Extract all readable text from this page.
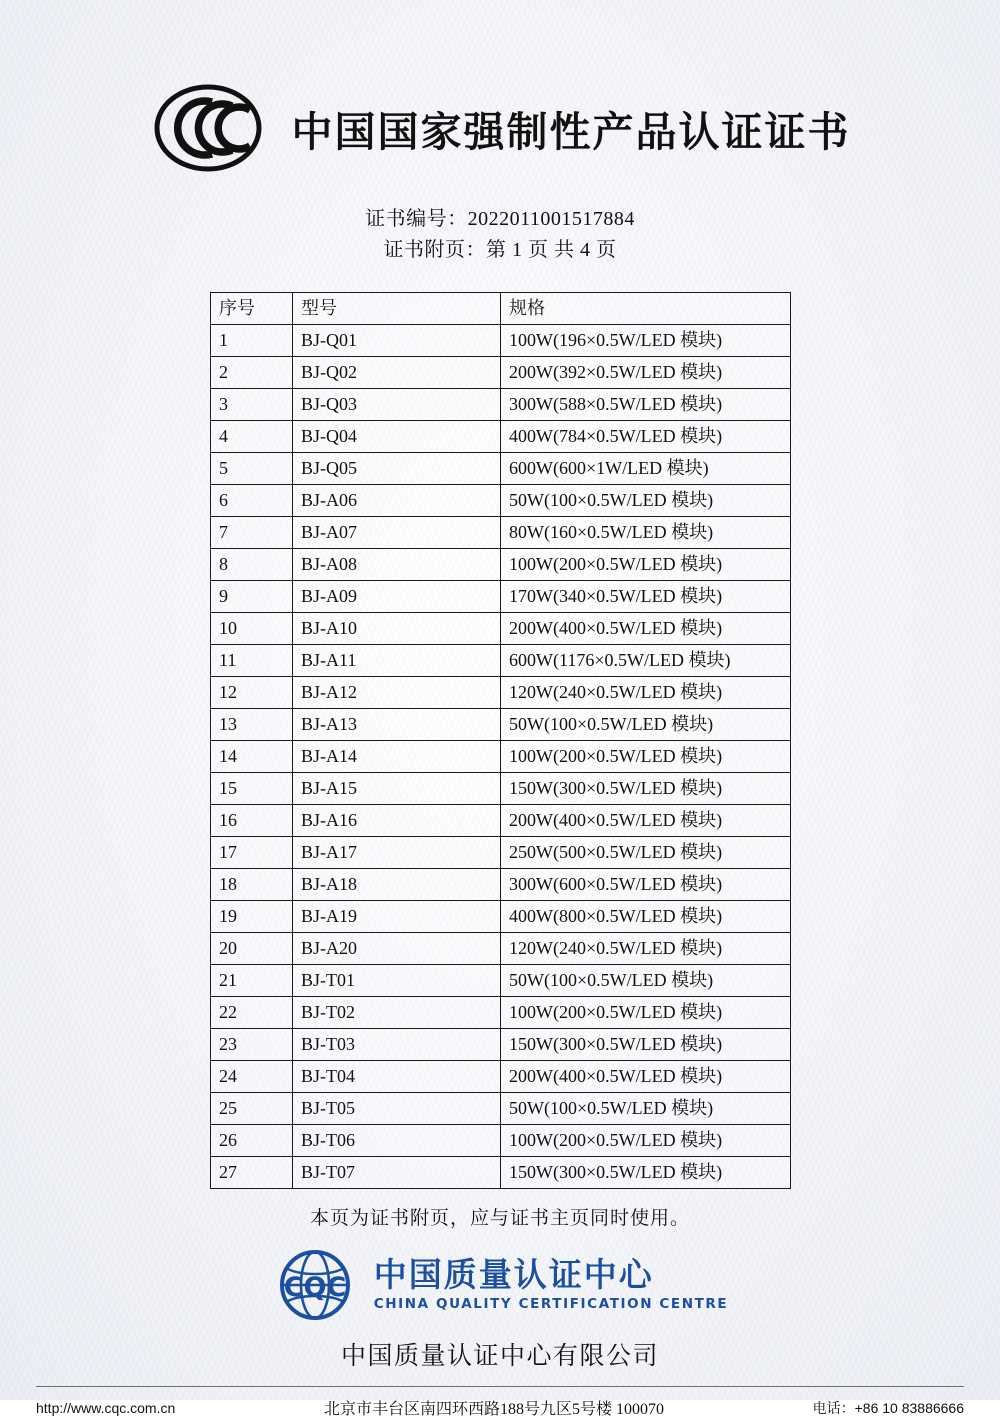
中国国家强制性产品认证证书
证书编号：2022011001517884
证书附页：第 1 页 共 4 页
序号	型号	规格
1	BJ-Q01	100W(196×0.5W/LED 模块)
2	BJ-Q02	200W(392×0.5W/LED 模块)
3	BJ-Q03	300W(588×0.5W/LED 模块)
4	BJ-Q04	400W(784×0.5W/LED 模块)
5	BJ-Q05	600W(600×1W/LED 模块)
6	BJ-A06	50W(100×0.5W/LED 模块)
7	BJ-A07	80W(160×0.5W/LED 模块)
8	BJ-A08	100W(200×0.5W/LED 模块)
9	BJ-A09	170W(340×0.5W/LED 模块)
10	BJ-A10	200W(400×0.5W/LED 模块)
11	BJ-A11	600W(1176×0.5W/LED 模块)
12	BJ-A12	120W(240×0.5W/LED 模块)
13	BJ-A13	50W(100×0.5W/LED 模块)
14	BJ-A14	100W(200×0.5W/LED 模块)
15	BJ-A15	150W(300×0.5W/LED 模块)
16	BJ-A16	200W(400×0.5W/LED 模块)
17	BJ-A17	250W(500×0.5W/LED 模块)
18	BJ-A18	300W(600×0.5W/LED 模块)
19	BJ-A19	400W(800×0.5W/LED 模块)
20	BJ-A20	120W(240×0.5W/LED 模块)
21	BJ-T01	50W(100×0.5W/LED 模块)
22	BJ-T02	100W(200×0.5W/LED 模块)
23	BJ-T03	150W(300×0.5W/LED 模块)
24	BJ-T04	200W(400×0.5W/LED 模块)
25	BJ-T05	50W(100×0.5W/LED 模块)
26	BJ-T06	100W(200×0.5W/LED 模块)
27	BJ-T07	150W(300×0.5W/LED 模块)
本页为证书附页，应与证书主页同时使用。
CQC 中国质量认证中心
CHINA QUALITY CERTIFICATION CENTRE
中国质量认证中心有限公司
http://www.cqc.com.cn	北京市丰台区南四环西路188号九区5号楼 100070	电话：+86 10 83886666
